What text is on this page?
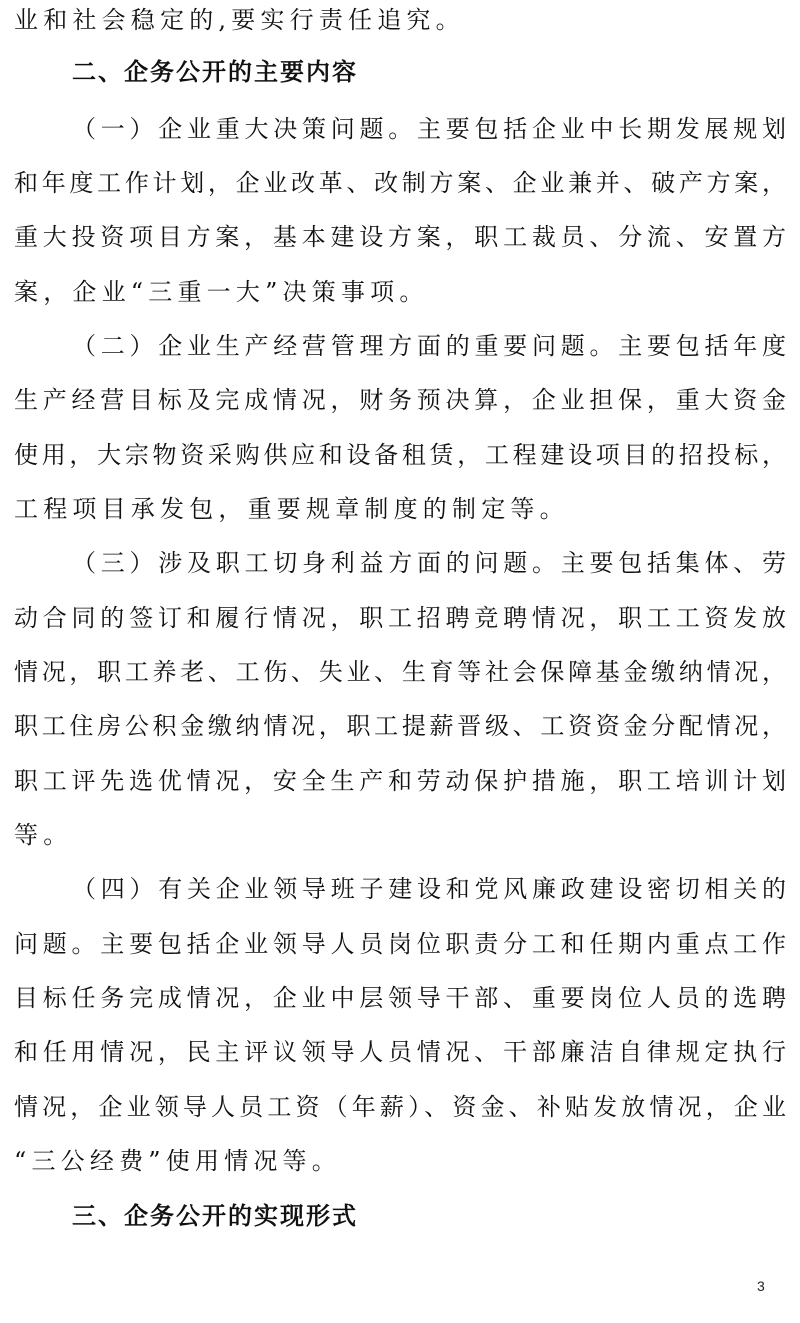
业和社会稳定的,要实行责任追究。
二、企务公开的主要内容
（一）企业重大决策问题。主要包括企业中长期发展规划
和年度工作计划，企业改革、改制方案、企业兼并、破产方案，
重大投资项目方案，基本建设方案，职工裁员、分流、安置方
案，企业“三重一大”决策事项。
（二）企业生产经营管理方面的重要问题。主要包括年度
生产经营目标及完成情况，财务预决算，企业担保，重大资金
使用，大宗物资采购供应和设备租赁，工程建设项目的招投标，
工程项目承发包，重要规章制度的制定等。
（三）涉及职工切身利益方面的问题。主要包括集体、劳
动合同的签订和履行情况，职工招聘竞聘情况，职工工资发放
情况，职工养老、工伤、失业、生育等社会保障基金缴纳情况，
职工住房公积金缴纳情况，职工提薪晋级、工资资金分配情况，
职工评先选优情况，安全生产和劳动保护措施，职工培训计划
等。
（四）有关企业领导班子建设和党风廉政建设密切相关的
问题。主要包括企业领导人员岗位职责分工和任期内重点工作
目标任务完成情况，企业中层领导干部、重要岗位人员的选聘
和任用情况，民主评议领导人员情况、干部廉洁自律规定执行
情况，企业领导人员工资（年薪）、资金、补贴发放情况，企业
“三公经费”使用情况等。
三、企务公开的实现形式
3
